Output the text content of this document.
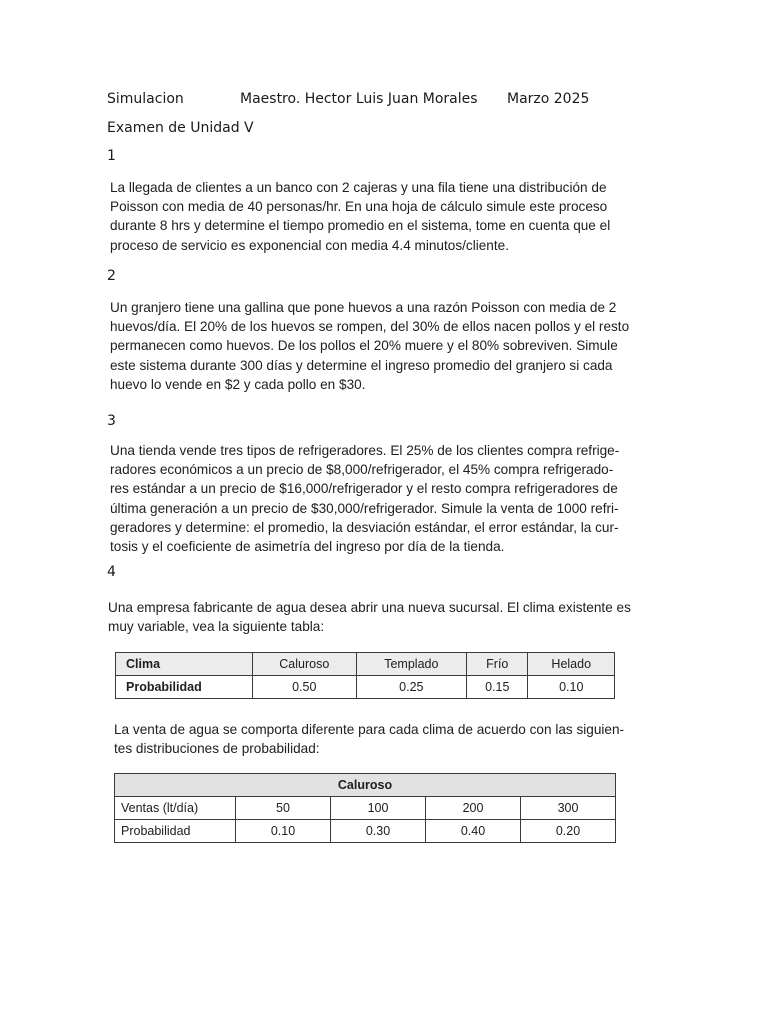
Simulacion	Maestro. Hector Luis Juan Morales Marzo 2025
Examen de Unidad V
1
La llegada de clientes a un banco con 2 cajeras y una fila tiene una distribución de
Poisson con media de 40 personas/hr. En una hoja de cálculo simule este proceso
durante 8 hrs y determine el tiempo promedio en el sistema, tome en cuenta que el
proceso de servicio es exponencial con media 4.4 minutos/cliente.
2
Un granjero tiene una gallina que pone huevos a una razón Poisson con media de 2
huevos/día. El 20% de los huevos se rompen, del 30% de ellos nacen pollos y el resto
permanecen como huevos. De los pollos el 20% muere y el 80% sobreviven. Simule
este sistema durante 300 días y determine el ingreso promedio del granjero si cada
huevo lo vende en $2 y cada pollo en $30.
3
Una tienda vende tres tipos de refrigeradores. El 25% de los clientes compra refrige-
radores económicos a un precio de $8,000/refrigerador, el 45% compra refrigerado-
res estándar a un precio de $16,000/refrigerador y el resto compra refrigeradores de
última generación a un precio de $30,000/refrigerador. Simule la venta de 1000 refri-
geradores y determine: el promedio, la desviación estándar, el error estándar, la cur-
tosis y el coeficiente de asimetría del ingreso por día de la tienda.
4
Una empresa fabricante de agua desea abrir una nueva sucursal. El clima existente es
muy variable, vea la siguiente tabla:
Clima	Caluroso	Templado	Frío	Helado
Probabilidad	0.50	0.25	0.15	0.10
La venta de agua se comporta diferente para cada clima de acuerdo con las siguien-
tes distribuciones de probabilidad:
Caluroso				
Ventas (lt/día)	50	100	200	300
Probabilidad	0.10	0.30	0.40	0.20
